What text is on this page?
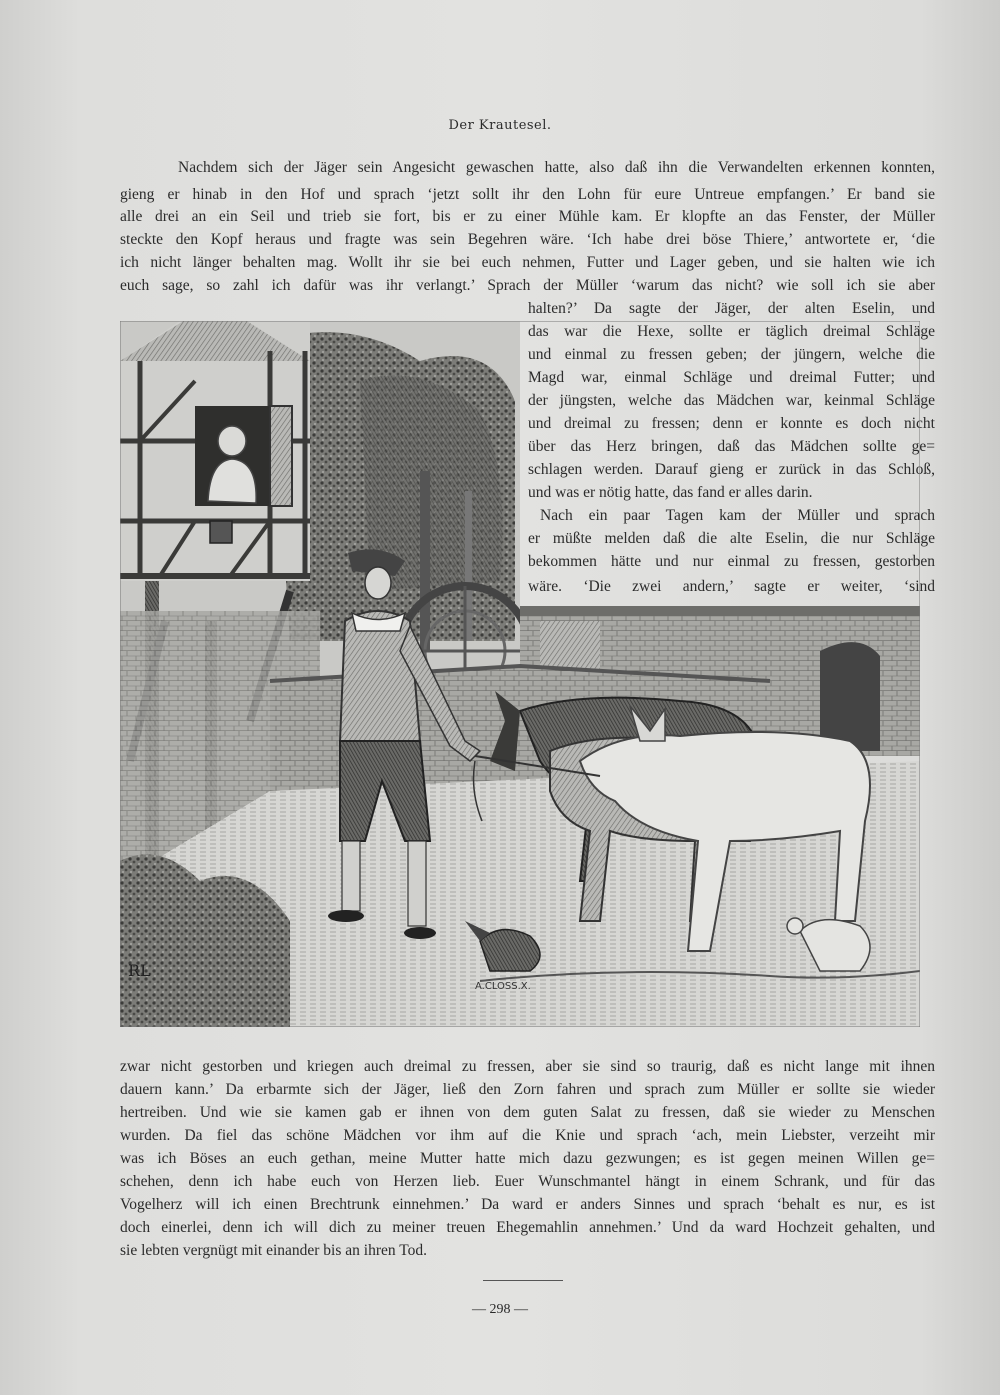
Der Krautesel.
Nachdem sich der Jäger sein Angesicht gewaschen hatte, also daß ihn die Verwandelten erkennen konnten,
gieng er hinab in den Hof und sprach ‘jetzt sollt ihr den Lohn für eure Untreue empfangen.’ Er band sie
alle drei an ein Seil und trieb sie fort, bis er zu einer Mühle kam. Er klopfte an das Fenster, der Müller
steckte den Kopf heraus und fragte was sein Begehren wäre. ‘Ich habe drei böse Thiere,’ antwortete er, ‘die
ich nicht länger behalten mag. Wollt ihr sie bei euch nehmen, Futter und Lager geben, und sie halten wie ich
euch sage, so zahl ich dafür was ihr verlangt.’ Sprach der Müller ‘warum das nicht? wie soll ich sie aber
halten?’ Da sagte der Jäger, der alten Eselin, und
das war die Hexe, sollte er täglich dreimal Schläge
und einmal zu fressen geben; der jüngern, welche die
Magd war, einmal Schläge und dreimal Futter; und
der jüngsten, welche das Mädchen war, keinmal Schläge
und dreimal zu fressen; denn er konnte es doch nicht
über das Herz bringen, daß das Mädchen sollte ge=
schlagen werden. Darauf gieng er zurück in das Schloß,
und was er nötig hatte, das fand er alles darin.
Nach ein paar Tagen kam der Müller und sprach
er müßte melden daß die alte Eselin, die nur Schläge
bekommen hätte und nur einmal zu fressen, gestorben
wäre. ‘Die zwei andern,’ sagte er weiter, ‘sind
RL
A.CLOSS.X.
zwar nicht gestorben und kriegen auch dreimal zu fressen, aber sie sind so traurig, daß es nicht lange mit ihnen
dauern kann.’ Da erbarmte sich der Jäger, ließ den Zorn fahren und sprach zum Müller er sollte sie wieder
hertreiben. Und wie sie kamen gab er ihnen von dem guten Salat zu fressen, daß sie wieder zu Menschen
wurden. Da fiel das schöne Mädchen vor ihm auf die Knie und sprach ‘ach, mein Liebster, verzeiht mir
was ich Böses an euch gethan, meine Mutter hatte mich dazu gezwungen; es ist gegen meinen Willen ge=
schehen, denn ich habe euch von Herzen lieb. Euer Wunschmantel hängt in einem Schrank, und für das
Vogelherz will ich einen Brechtrunk einnehmen.’ Da ward er anders Sinnes und sprach ‘behalt es nur, es ist
doch einerlei, denn ich will dich zu meiner treuen Ehegemahlin annehmen.’ Und da ward Hochzeit gehalten, und
sie lebten vergnügt mit einander bis an ihren Tod.
— 298 —
